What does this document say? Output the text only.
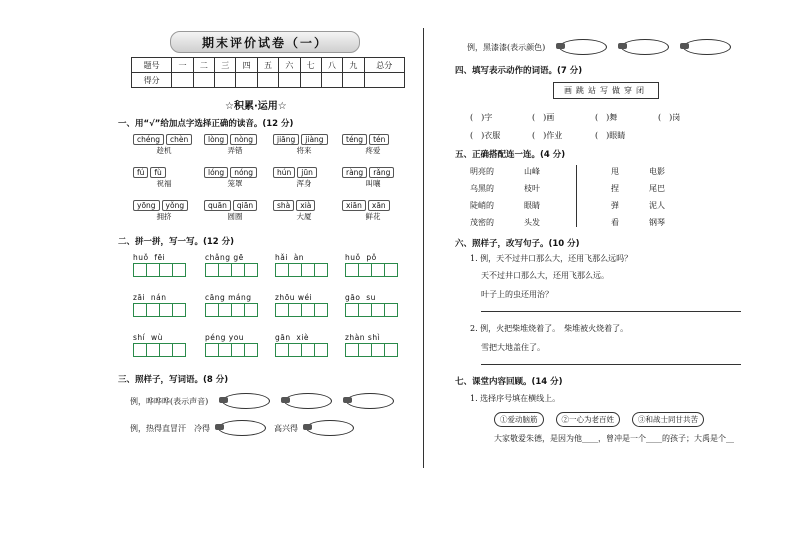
期末评价试卷（一）
题号	一	二	三	四	五	六	七	八	九	总分
得分										
☆积累·运用☆
一、用“√”给加点字选择正确的读音。(12 分)
chéng	chèn
趁机
lòng	nòng
弄错
jiāng	jiàng
将来
téng	tén
疼爱
fú	fù
祝福
lóng	nóng
笼罩
hún	jūn
浑身
ràng	rǎng
叫嚷
yōng	yǒng
拥挤
quān	qiān
圆圈
shà	xià
大厦
xiān	xān
鲜花
二、拼一拼，写一写。(12 分)
huǒ  fēi	chǎng gē	hǎi  àn	huǒ  pǒ
zāi  nán	cāng máng	zhōu wéi	gāo  su
shí  wù	péng you	gān  xiè	zhàn shì
三、照样子，写词语。(8 分)
例，哗哗哗(表示声音)
例，热得直冒汗 冷得	高兴得
例，黑漆漆(表示颜色)
四、填写表示动作的词语。(7 分)
画跳站写做穿闭
(　)字	(　)画	(　)舞	(　)岗
(　)衣服	(　)作业	(　)眼睛
五、正确搭配连一连。(4 分)
明亮的	山峰
乌黑的	枝叶
陡峭的	眼睛
茂密的	头发
甩	电影
捏	尾巴
弹	泥人
看	钢琴
六、照样子，改写句子。(10 分)
1. 例，天不过井口那么大，还用飞那么远吗？
天不过井口那么大，还用飞那么远。
叶子上的虫还用治？
2. 例，火把柴堆烧着了。　柴堆被火烧着了。
雪把大地盖住了。
七、课堂内容回顾。(14 分)
1. 选择序号填在横线上。
①爱动脑筋	②一心为老百姓	③和战士同甘共苦
大家敬爱朱德，是因为他____，曾冲是一个____的孩子；大禹是个__
